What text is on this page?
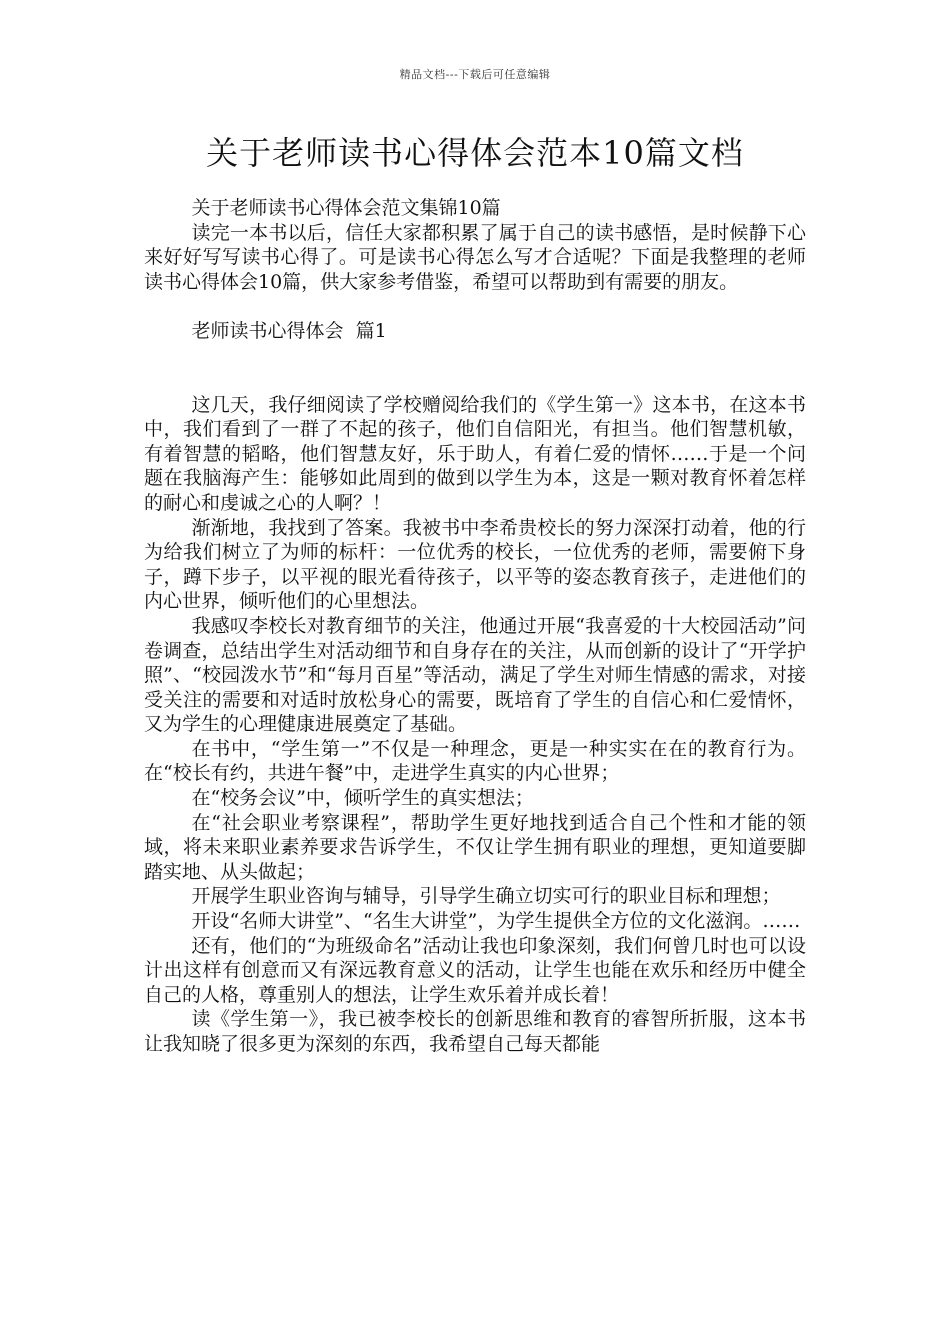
精品文档---下载后可任意编辑
关于老师读书心得体会范本10篇文档

关于老师读书心得体会范文集锦10篇

读完一本书以后，信任大家都积累了属于自己的读书感悟，是时候静下心来好好写写读书心得了。可是读书心得怎么写才合适呢？下面是我整理的老师读书心得体会10篇，供大家参考借鉴，希望可以帮助到有需要的朋友。

老师读书心得体会  篇1

这几天，我仔细阅读了学校赠阅给我们的《学生第一》这本书，在这本书中，我们看到了一群了不起的孩子，他们自信阳光，有担当。他们智慧机敏，有着智慧的韬略，他们智慧友好，乐于助人，有着仁爱的情怀……于是一个问题在我脑海产生：能够如此周到的做到以学生为本，这是一颗对教育怀着怎样的耐心和虔诚之心的人啊？！

渐渐地，我找到了答案。我被书中李希贵校长的努力深深打动着，他的行为给我们树立了为师的标杆：一位优秀的校长，一位优秀的老师，需要俯下身子，蹲下步子，以平视的眼光看待孩子，以平等的姿态教育孩子，走进他们的内心世界，倾听他们的心里想法。

我感叹李校长对教育细节的关注，他通过开展“我喜爱的十大校园活动”问卷调查，总结出学生对活动细节和自身存在的关注，从而创新的设计了“开学护照”、“校园泼水节”和“每月百星”等活动，满足了学生对师生情感的需求，对接受关注的需要和对适时放松身心的需要，既培育了学生的自信心和仁爱情怀，又为学生的心理健康进展奠定了基础。

在书中，“学生第一”不仅是一种理念，更是一种实实在在的教育行为。在“校长有约，共进午餐”中，走进学生真实的内心世界；

在“校务会议”中，倾听学生的真实想法；

在“社会职业考察课程”，帮助学生更好地找到适合自己个性和才能的领域，将未来职业素养要求告诉学生，不仅让学生拥有职业的理想，更知道要脚踏实地、从头做起；

开展学生职业咨询与辅导，引导学生确立切实可行的职业目标和理想；

开设“名师大讲堂”、“名生大讲堂”，为学生提供全方位的文化滋润。……

还有，他们的“为班级命名”活动让我也印象深刻，我们何曾几时也可以设计出这样有创意而又有深远教育意义的活动，让学生也能在欢乐和经历中健全自己的人格，尊重别人的想法，让学生欢乐着并成长着！

读《学生第一》，我已被李校长的创新思维和教育的睿智所折服，这本书让我知晓了很多更为深刻的东西，我希望自己每天都能
